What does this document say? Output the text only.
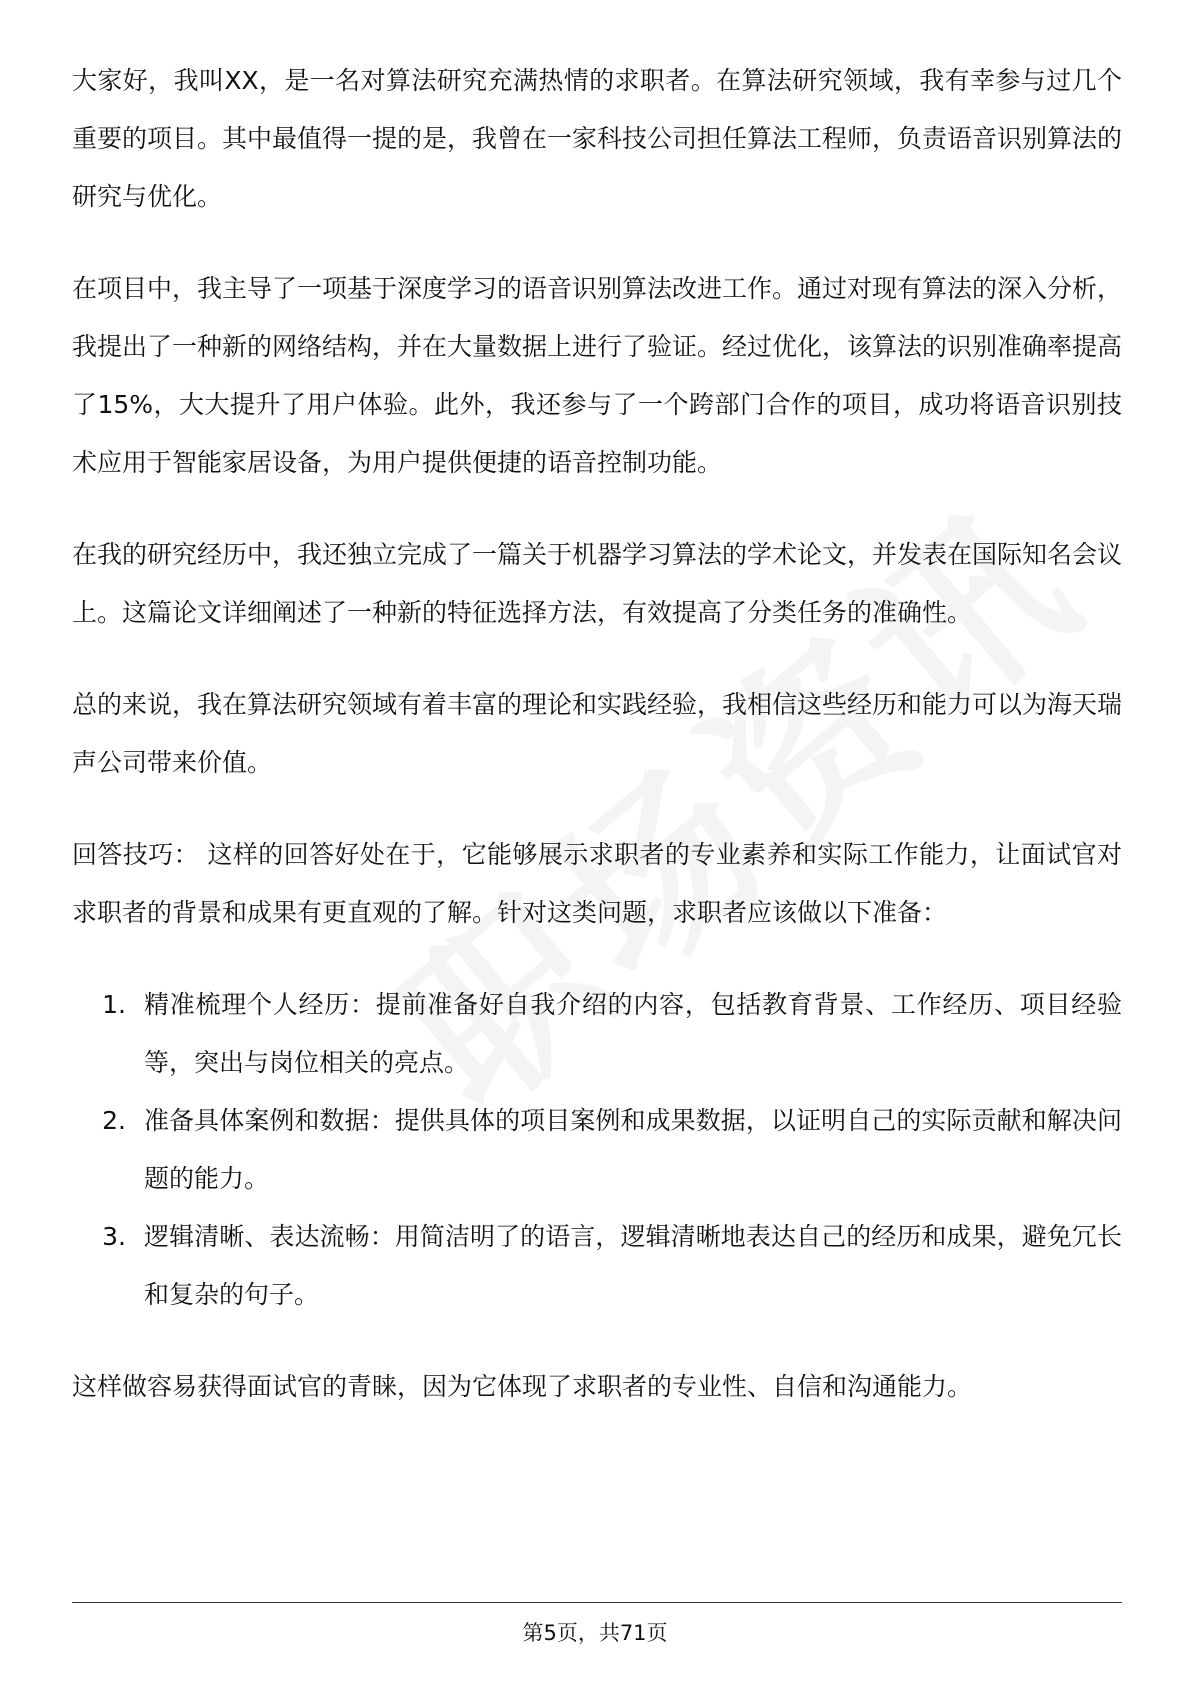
大家好，我叫XX，是一名对算法研究充满热情的求职者。在算法研究领域，我有幸参与过几个重要的项目。其中最值得一提的是，我曾在一家科技公司担任算法工程师，负责语音识别算法的研究与优化。

在项目中，我主导了一项基于深度学习的语音识别算法改进工作。通过对现有算法的深入分析，我提出了一种新的网络结构，并在大量数据上进行了验证。经过优化，该算法的识别准确率提高了15%，大大提升了用户体验。此外，我还参与了一个跨部门合作的项目，成功将语音识别技术应用于智能家居设备，为用户提供便捷的语音控制功能。

在我的研究经历中，我还独立完成了一篇关于机器学习算法的学术论文，并发表在国际知名会议上。这篇论文详细阐述了一种新的特征选择方法，有效提高了分类任务的准确性。

总的来说，我在算法研究领域有着丰富的理论和实践经验，我相信这些经历和能力可以为海天瑞声公司带来价值。

回答技巧： 这样的回答好处在于，它能够展示求职者的专业素养和实际工作能力，让面试官对求职者的背景和成果有更直观的了解。针对这类问题，求职者应该做以下准备：

1. 精准梳理个人经历：提前准备好自我介绍的内容，包括教育背景、工作经历、项目经验等，突出与岗位相关的亮点。
2. 准备具体案例和数据：提供具体的项目案例和成果数据，以证明自己的实际贡献和解决问题的能力。
3. 逻辑清晰、表达流畅：用简洁明了的语言，逻辑清晰地表达自己的经历和成果，避免冗长和复杂的句子。

这样做容易获得面试官的青睐，因为它体现了求职者的专业性、自信和沟通能力。

第5页，共71页
